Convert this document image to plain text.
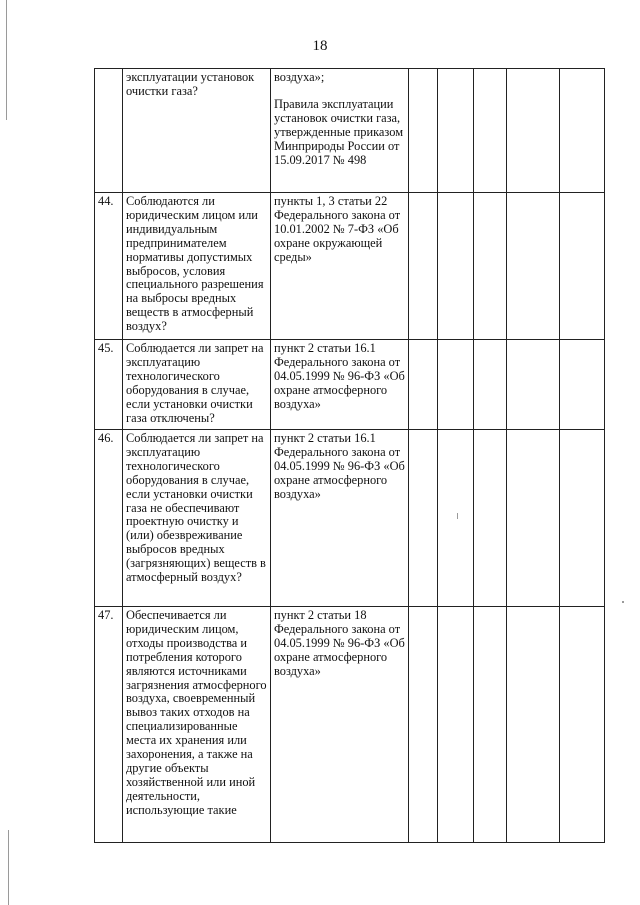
18
	эксплуатации установок очистки газа?	воздуха»;
Правила эксплуатации установок очистки газа, утвержденные приказом Минприроды России от 15.09.2017 № 498					

44.	Соблюдаются ли юридическим лицом или индивидуальным предпринимателем нормативы допустимых выбросов, условия специального разрешения на выбросы вредных веществ в атмосферный воздух?	пункты 1, 3 статьи 22 Федерального закона от 10.01.2002 № 7-ФЗ «Об охране окружающей среды»					
45.	Соблюдается ли запрет на эксплуатацию технологического оборудования в случае, если установки очистки газа отключены?	пункт 2 статьи 16.1 Федерального закона от 04.05.1999 № 96-ФЗ «Об охране атмосферного воздуха»					
46.	Соблюдается ли запрет на эксплуатацию технологического оборудования в случае, если установки очистки газа не обеспечивают проектную очистку и (или) обезвреживание выбросов вредных (загрязняющих) веществ в атмосферный воздух?	пункт 2 статьи 16.1 Федерального закона от 04.05.1999 № 96-ФЗ «Об охране атмосферного воздуха»					
47.	Обеспечивается ли юридическим лицом, отходы производства и потребления которого являются источниками загрязнения атмосферного воздуха, своевременный вывоз таких отходов на специализированные места их хранения или захоронения, а также на другие объекты хозяйственной или иной деятельности, использующие такие	пункт 2 статьи 18 Федерального закона от 04.05.1999 № 96-ФЗ «Об охране атмосферного воздуха»					
